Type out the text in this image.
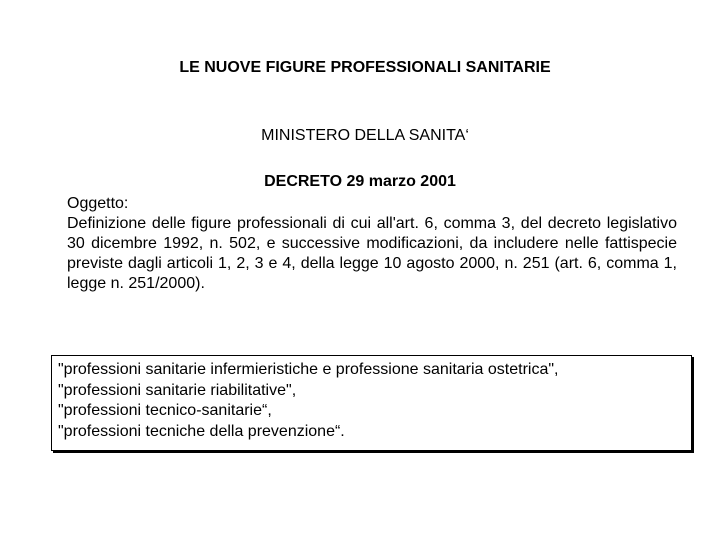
LE NUOVE FIGURE PROFESSIONALI SANITARIE
MINISTERO DELLA SANITA‘
DECRETO 29 marzo 2001
Oggetto:
Definizione delle figure professionali di cui all'art. 6, comma 3, del decreto legislativo 30 dicembre 1992, n. 502, e successive modificazioni, da includere nelle fattispecie previste dagli articoli 1, 2, 3 e 4, della legge 10 agosto 2000, n. 251 (art. 6, comma 1, legge n. 251/2000).
"professioni sanitarie infermieristiche e professione sanitaria ostetrica",
"professioni sanitarie riabilitative",
"professioni tecnico-sanitarie“,
"professioni tecniche della prevenzione“.
